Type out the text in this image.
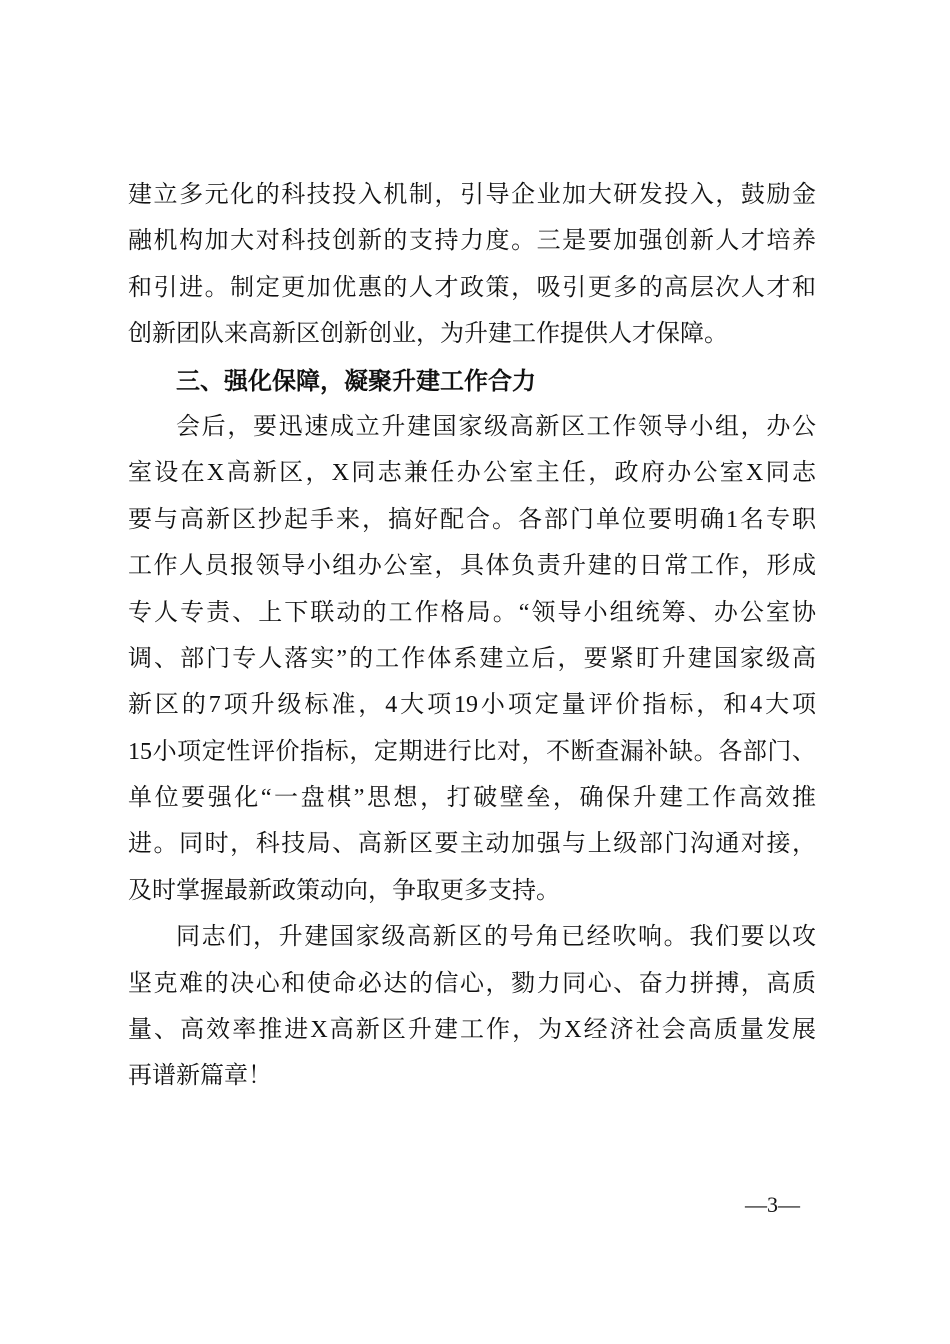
建立多元化的科技投入机制，引导企业加大研发投入，鼓励金
融机构加大对科技创新的支持力度。三是要加强创新人才培养
和引进。制定更加优惠的人才政策，吸引更多的高层次人才和
创新团队来高新区创新创业，为升建工作提供人才保障。
三、强化保障，凝聚升建工作合力
会后，要迅速成立升建国家级高新区工作领导小组，办公
室设在X高新区，X同志兼任办公室主任，政府办公室X同志
要与高新区抄起手来，搞好配合。各部门单位要明确1名专职
工作人员报领导小组办公室，具体负责升建的日常工作，形成
专人专责、上下联动的工作格局。“领导小组统筹、办公室协
调、部门专人落实”的工作体系建立后，要紧盯升建国家级高
新区的7项升级标准，4大项19小项定量评价指标，和4大项
15小项定性评价指标，定期进行比对，不断查漏补缺。各部门、
单位要强化“一盘棋”思想，打破壁垒，确保升建工作高效推
进。同时，科技局、高新区要主动加强与上级部门沟通对接，
及时掌握最新政策动向，争取更多支持。
同志们，升建国家级高新区的号角已经吹响。我们要以攻
坚克难的决心和使命必达的信心，勠力同心、奋力拼搏，高质
量、高效率推进X高新区升建工作，为X经济社会高质量发展
再谱新篇章！
—3—
